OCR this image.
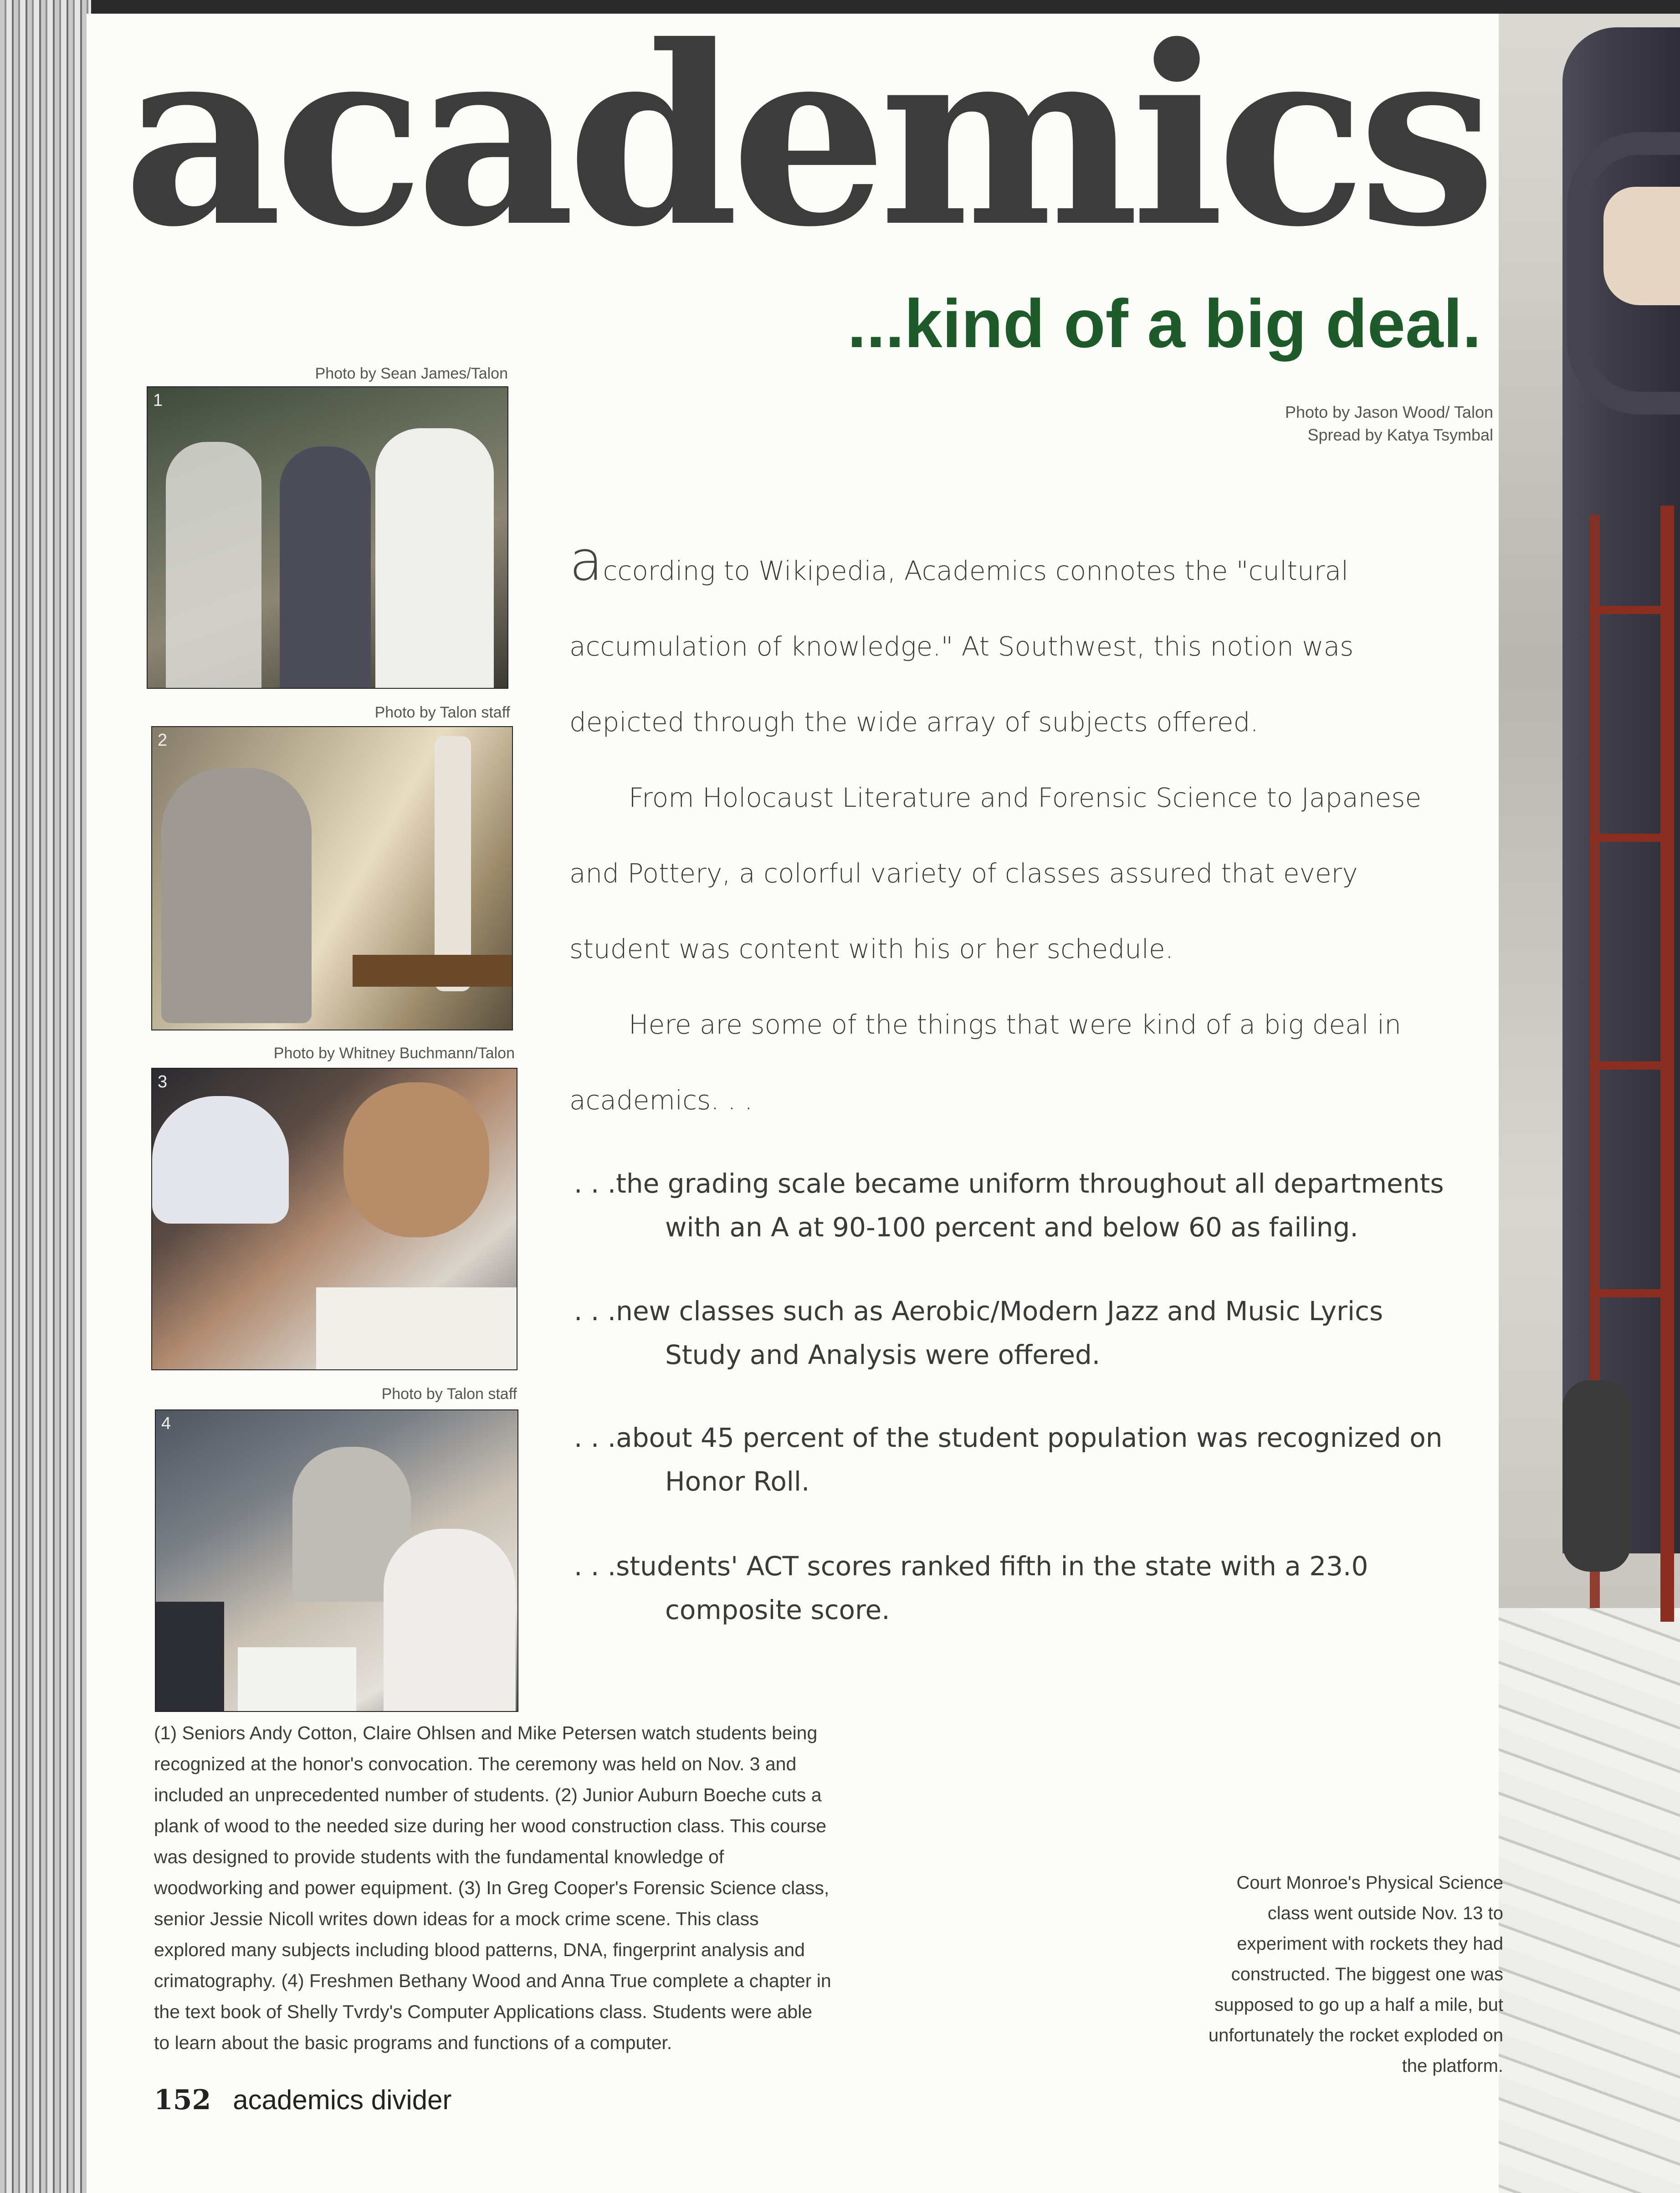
academics
...kind of a big deal.
Photo by Jason Wood/ Talon
Spread by Katya Tsymbal
Photo by Sean James/Talon
1
Photo by Talon staff
2
Photo by Whitney Buchmann/Talon
3
Photo by Talon staff
4

according to Wikipedia, Academics connotes the "cultural accumulation of knowledge." At Southwest, this notion was depicted through the wide array of subjects offered.

From Holocaust Literature and Forensic Science to Japanese and Pottery, a colorful variety of classes assured that every student was content with his or her schedule.

Here are some of the things that were kind of a big deal in academics. . .

. . .the grading scale became uniform throughout all departments with an A at 90-100 percent and below 60 as failing.
. . .new classes such as Aerobic/Modern Jazz and Music Lyrics Study and Analysis were offered.
. . .about 45 percent of the student population was recognized on Honor Roll.
. . .students' ACT scores ranked fifth in the state with a 23.0 composite score.
(1) Seniors Andy Cotton, Claire Ohlsen and Mike Petersen watch students being recognized at the honor's convocation. The ceremony was held on Nov. 3 and included an unprecedented number of students. (2) Junior Auburn Boeche cuts a plank of wood to the needed size during her wood construction class. This course was designed to provide students with the fundamental knowledge of woodworking and power equipment. (3) In Greg Cooper's Forensic Science class, senior Jessie Nicoll writes down ideas for a mock crime scene. This class explored many subjects including blood patterns, DNA, fingerprint analysis and crimatography. (4) Freshmen Bethany Wood and Anna True complete a chapter in the text book of Shelly Tvrdy's Computer Applications class. Students were able to learn about the basic programs and functions of a computer.
Court Monroe's Physical Science class went outside Nov. 13 to experiment with rockets they had constructed. The biggest one was supposed to go up a half a mile, but unfortunately the rocket exploded on the platform.
152 academics divider
